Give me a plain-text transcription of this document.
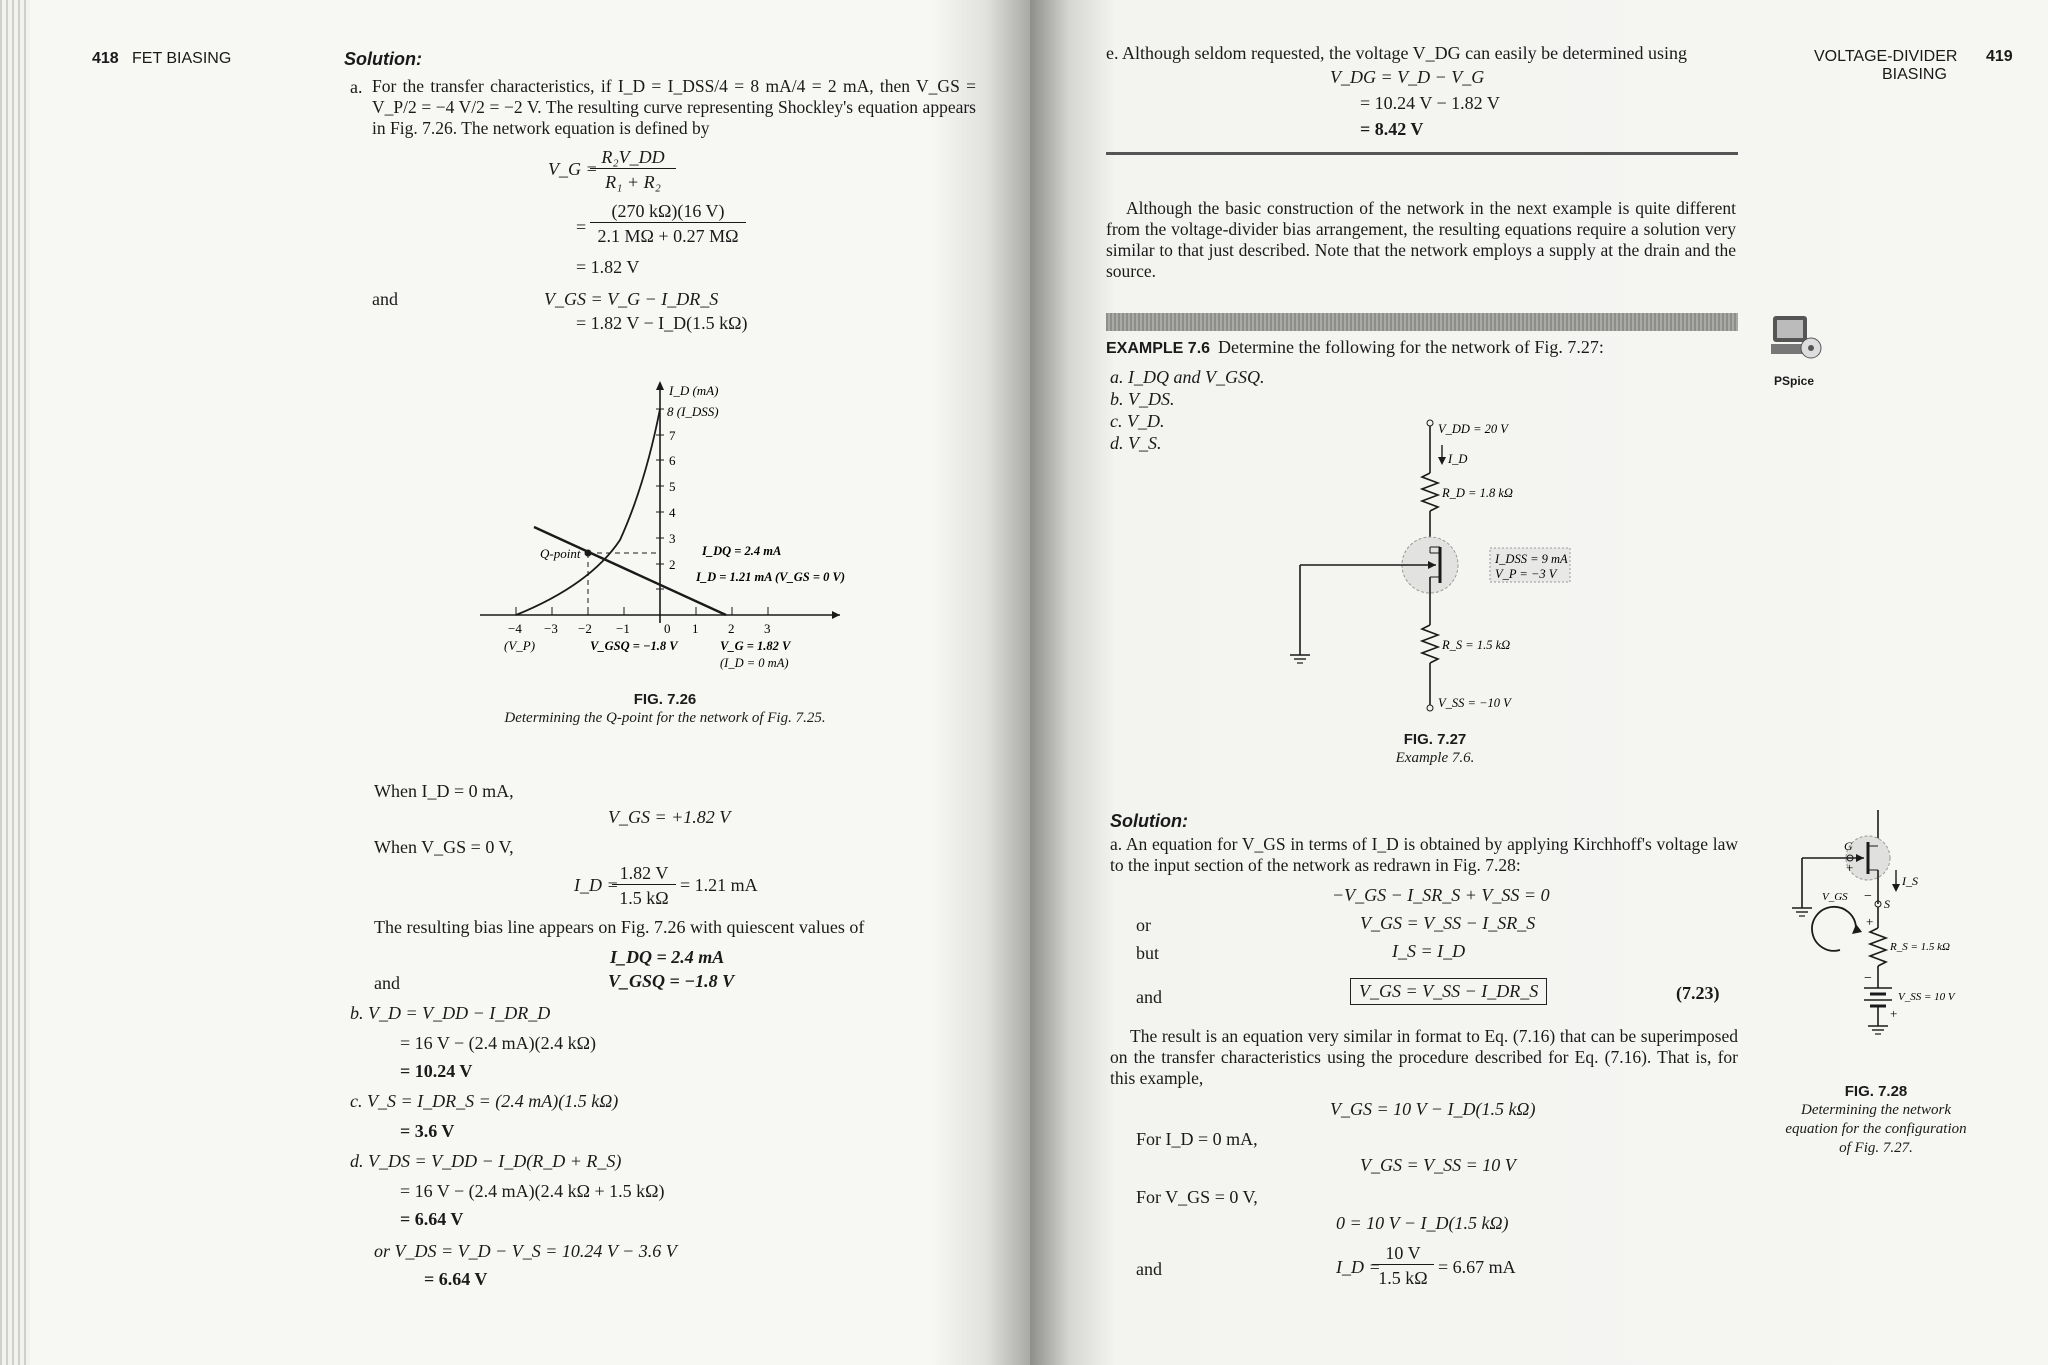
418 FET BIASING	Solution:
a. For the transfer characteristics, if I_D = I_DSS/4 = 8 mA/4 = 2 mA, then V_GS = V_P/2 = −4 V/2 = −2 V. The resulting curve representing Shockley's equation appears in Fig. 7.26. The network equation is defined by
V_G =
$\frac{\text{R₂V\_DD}}{\text{R₁ + R₂}}$
= $\frac{(270 k\Omega)(16 V)}{2.1 M\Omega + 0.27 M\Omega}$
= 1.82 V
and	V_GS = V_G − I_DR_S
= 1.82 V − I_D(1.5 kΩ)
I_D (mA)
8 (I_DSS)
7
6
5
4
3
2
−4 −3 −2 −1	0 1 2 3
(V_P)
Q-point	I_DQ = 2.4 mA
I_D = 1.21 mA (V_GS = 0 V)
V_GSQ = −1.8 V	V_G = 1.82 V
(I_D = 0 mA)
FIG. 7.26
Determining the Q-point for the network of Fig. 7.25.
When I_D = 0 mA,
V_GS = +1.82 V
When V_GS = 0 V,
I_D =
$\frac{1.82 V}{1.5 k\Omega} = 1.21$ mA
The resulting bias line appears on Fig. 7.26 with quiescent values of
I_DQ = 2.4 mA
and	V_GSQ = −1.8 V
b. V_D = V_DD − I_DR_D
= 16 V − (2.4 mA)(2.4 kΩ)
= 10.24 V
c. V_S = I_DR_S = (2.4 mA)(1.5 kΩ)
= 3.6 V
d. V_DS = V_DD − I_D(R_D + R_S)
= 16 V − (2.4 mA)(2.4 kΩ + 1.5 kΩ)
= 6.64 V
or V_DS = V_D − V_S = 10.24 V − 3.6 V
= 6.64 V
VOLTAGE-DIVIDER
BIASING
419
e. Although seldom requested, the voltage V_DG can easily be determined using
V_DG = V_D − V_G
= 10.24 V − 1.82 V
= 8.42 V
Although the basic construction of the network in the next example is quite different from the voltage-divider bias arrangement, the resulting equations require a solution very similar to that just described. Note that the network employs a supply at the drain and the source.
EXAMPLE 7.6 Determine the following for the network of Fig. 7.27:
a. I_DQ and V_GSQ.
b. V_DS.
c. V_D.
d. V_S.
PSpice
V_DD = 20 V
I_D
R_D = 1.8 kΩ
I_DSS = 9 mA
V_P = −3 V
R_S = 1.5 kΩ
V_SS = −10 V
FIG. 7.27
Example 7.6.
Solution:
a. An equation for V_GS in terms of I_D is obtained by applying Kirchhoff's voltage law to the input section of the network as redrawn in Fig. 7.28:
−V_GS − I_SR_S + V_SS = 0
or	V_GS = V_SS − I_SR_S
but	I_S = I_D
and	V_GS = V_SS − I_DR_S	(7.23)
The result is an equation very similar in format to Eq. (7.16) that can be superimposed on the transfer characteristics using the procedure described for Eq. (7.16). That is, for this example,
V_GS = 10 V − I_D(1.5 kΩ)
For I_D = 0 mA,
V_GS = V_SS = 10 V
For V_GS = 0 V,
0 = 10 V − I_D(1.5 kΩ)
and	I_D =
$\frac{10 V}{1.5 k\Omega} = 6.67$ mA
G
+
V_GS − S
I_S
+
R_S = 1.5 kΩ
−
V_SS = 10 V
+
FIG. 7.28
Determining the network
equation for the configuration
of Fig. 7.27.
